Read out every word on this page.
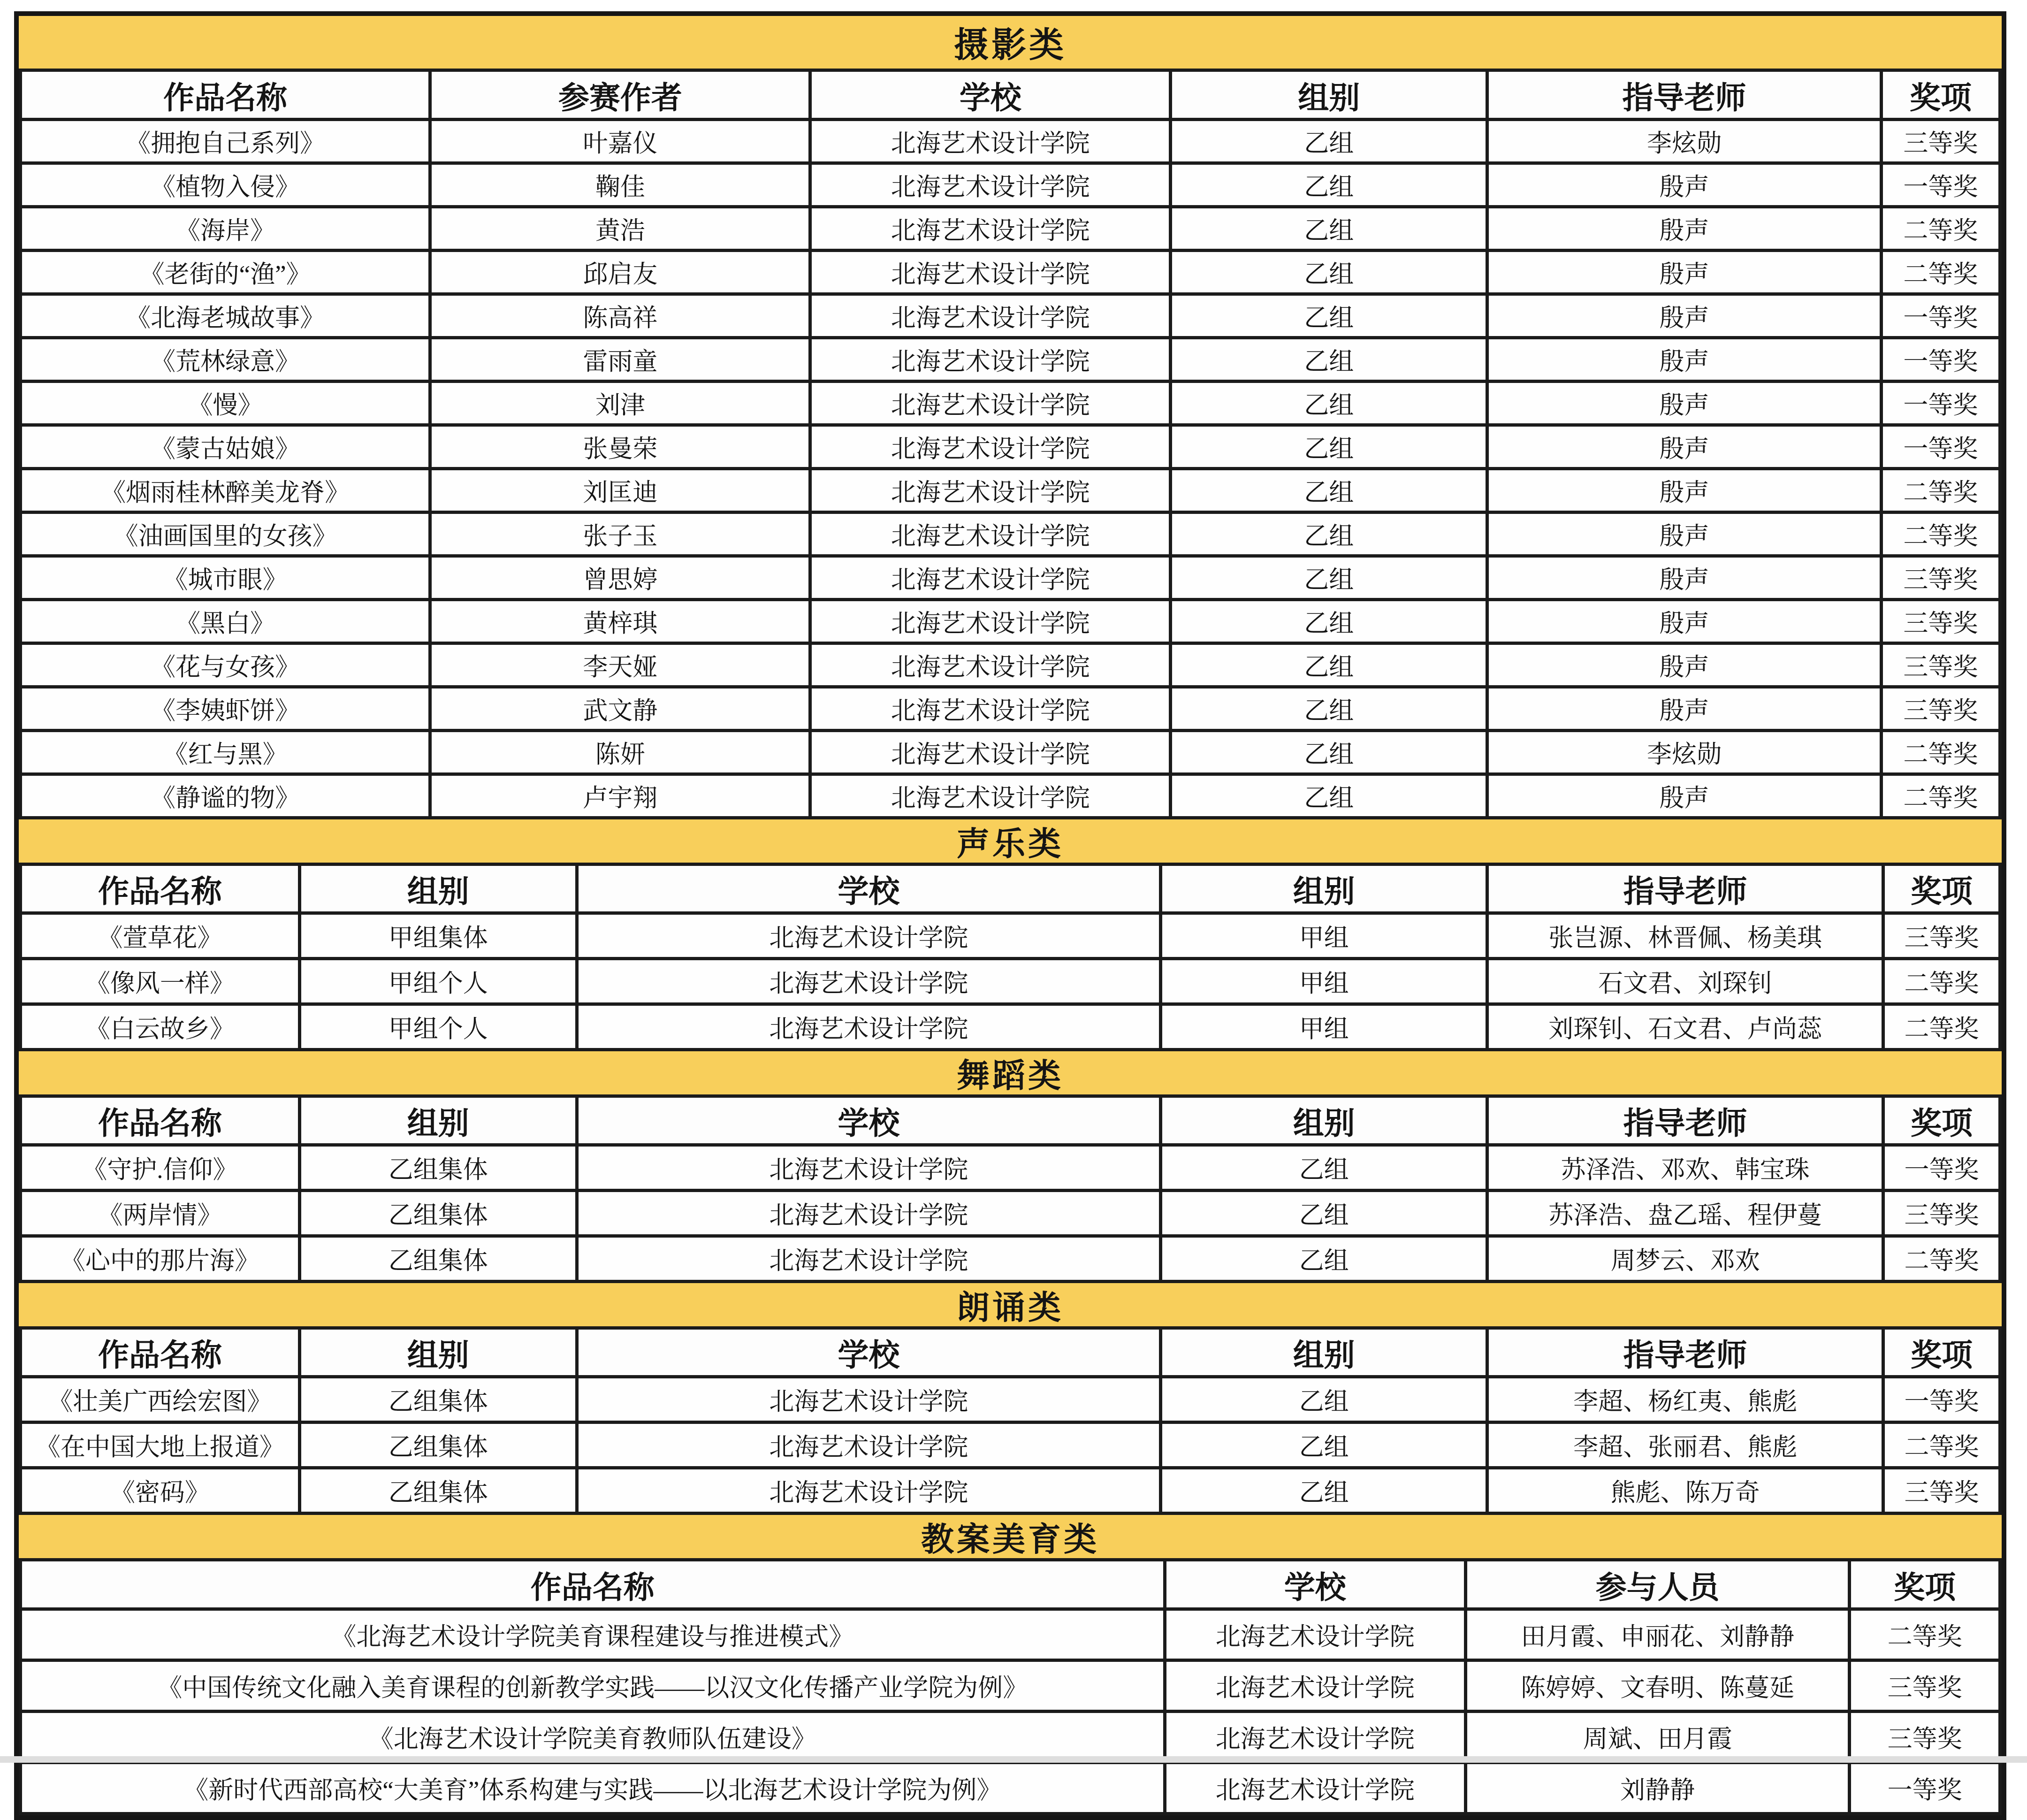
摄影类
作品名称	参赛作者	学校	组别	指导老师	奖项
《拥抱自己系列》	叶嘉仪	北海艺术设计学院	乙组	李炫勋	三等奖
《植物入侵》	鞠佳	北海艺术设计学院	乙组	殷声	一等奖
《海岸》	黄浩	北海艺术设计学院	乙组	殷声	二等奖
《老街的“渔”》	邱启友	北海艺术设计学院	乙组	殷声	二等奖
《北海老城故事》	陈高祥	北海艺术设计学院	乙组	殷声	一等奖
《荒林绿意》	雷雨童	北海艺术设计学院	乙组	殷声	一等奖
《慢》	刘津	北海艺术设计学院	乙组	殷声	一等奖
《蒙古姑娘》	张曼荣	北海艺术设计学院	乙组	殷声	一等奖
《烟雨桂林醉美龙脊》	刘匡迪	北海艺术设计学院	乙组	殷声	二等奖
《油画国里的女孩》	张子玉	北海艺术设计学院	乙组	殷声	二等奖
《城市眼》	曾思婷	北海艺术设计学院	乙组	殷声	三等奖
《黑白》	黄梓琪	北海艺术设计学院	乙组	殷声	三等奖
《花与女孩》	李天娅	北海艺术设计学院	乙组	殷声	三等奖
《李姨虾饼》	武文静	北海艺术设计学院	乙组	殷声	三等奖
《红与黑》	陈妍	北海艺术设计学院	乙组	李炫勋	二等奖
《静谧的物》	卢宇翔	北海艺术设计学院	乙组	殷声	二等奖
声乐类
作品名称	组别	学校	组别	指导老师	奖项
《萱草花》	甲组集体	北海艺术设计学院	甲组	张岂源、林晋佩、杨美琪	三等奖
《像风一样》	甲组个人	北海艺术设计学院	甲组	石文君、刘琛钊	二等奖
《白云故乡》	甲组个人	北海艺术设计学院	甲组	刘琛钊、石文君、卢尚蕊	二等奖
舞蹈类
作品名称	组别	学校	组别	指导老师	奖项
《守护.信仰》	乙组集体	北海艺术设计学院	乙组	苏泽浩、邓欢、韩宝珠	一等奖
《两岸情》	乙组集体	北海艺术设计学院	乙组	苏泽浩、盘乙瑶、程伊蔓	三等奖
《心中的那片海》	乙组集体	北海艺术设计学院	乙组	周梦云、邓欢	二等奖
朗诵类
作品名称	组别	学校	组别	指导老师	奖项
《壮美广西绘宏图》	乙组集体	北海艺术设计学院	乙组	李超、杨红夷、熊彪	一等奖
《在中国大地上报道》	乙组集体	北海艺术设计学院	乙组	李超、张丽君、熊彪	二等奖
《密码》	乙组集体	北海艺术设计学院	乙组	熊彪、陈万奇	三等奖
教案美育类
作品名称	学校	参与人员	奖项
《北海艺术设计学院美育课程建设与推进模式》	北海艺术设计学院	田月霞、申丽花、刘静静	二等奖
《中国传统文化融入美育课程的创新教学实践——以汉文化传播产业学院为例》	北海艺术设计学院	陈婷婷、文春明、陈蔓延	三等奖
《北海艺术设计学院美育教师队伍建设》	北海艺术设计学院	周斌、田月霞	三等奖
《新时代西部高校“大美育”体系构建与实践——以北海艺术设计学院为例》	北海艺术设计学院	刘静静	一等奖
